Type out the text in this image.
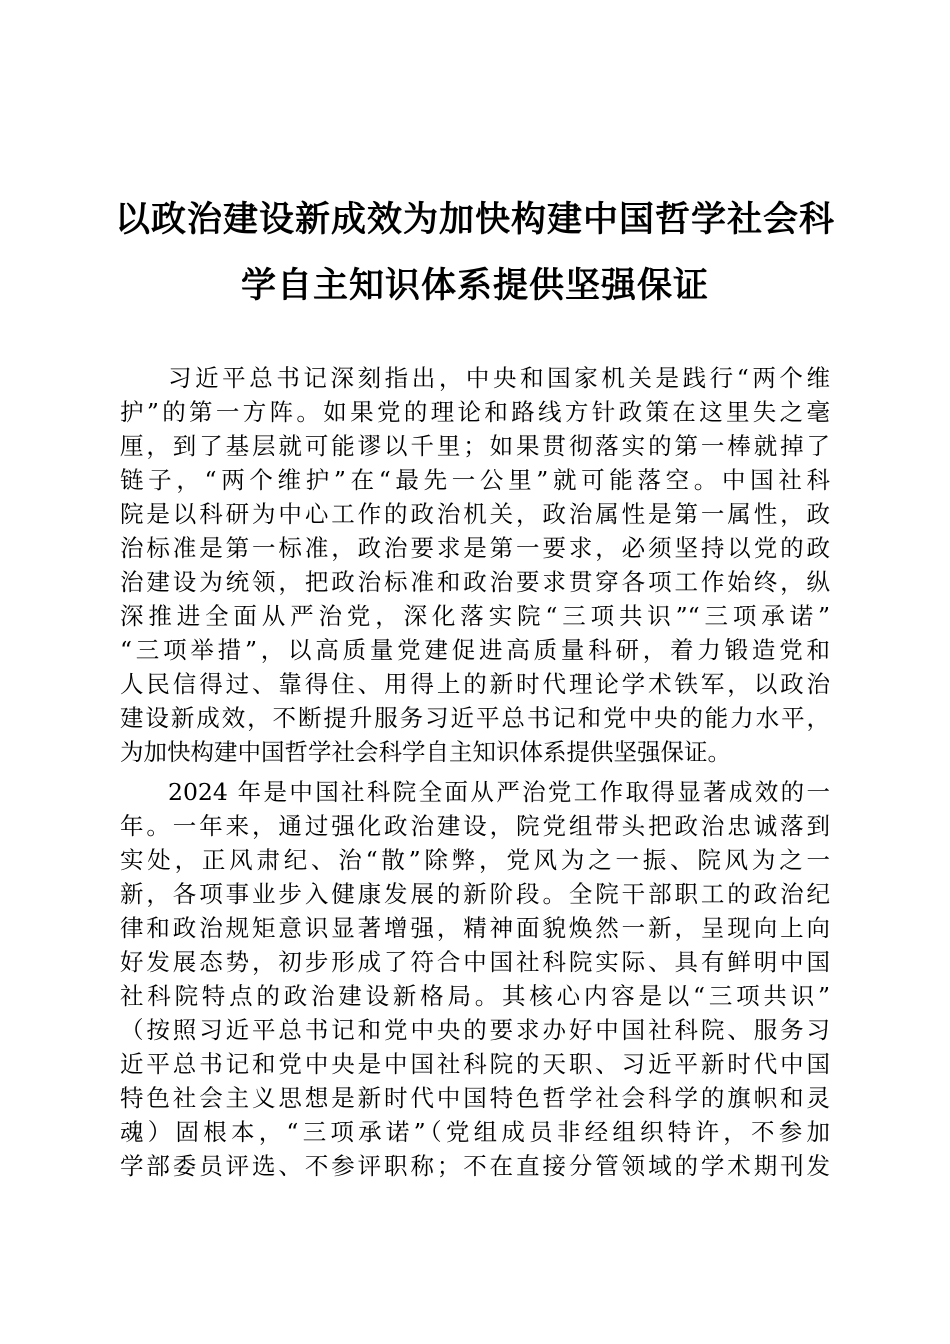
以政治建设新成效为加快构建中国哲学社会科
学自主知识体系提供坚强保证
习近平总书记深刻指出，中央和国家机关是践行“两个维
护”的第一方阵。如果党的理论和路线方针政策在这里失之毫
厘，到了基层就可能谬以千里；如果贯彻落实的第一棒就掉了
链子，“两个维护”在“最先一公里”就可能落空。中国社科
院是以科研为中心工作的政治机关，政治属性是第一属性，政
治标准是第一标准，政治要求是第一要求，必须坚持以党的政
治建设为统领，把政治标准和政治要求贯穿各项工作始终，纵
深推进全面从严治党，深化落实院“三项共识”“三项承诺”
“三项举措”，以高质量党建促进高质量科研，着力锻造党和
人民信得过、靠得住、用得上的新时代理论学术铁军，以政治
建设新成效，不断提升服务习近平总书记和党中央的能力水平，
为加快构建中国哲学社会科学自主知识体系提供坚强保证。
2024 年是中国社科院全面从严治党工作取得显著成效的一
年。一年来，通过强化政治建设，院党组带头把政治忠诚落到
实处，正风肃纪、治“散”除弊，党风为之一振、院风为之一
新，各项事业步入健康发展的新阶段。全院干部职工的政治纪
律和政治规矩意识显著增强，精神面貌焕然一新，呈现向上向
好发展态势，初步形成了符合中国社科院实际、具有鲜明中国
社科院特点的政治建设新格局。其核心内容是以“三项共识”
（按照习近平总书记和党中央的要求办好中国社科院、服务习
近平总书记和党中央是中国社科院的天职、习近平新时代中国
特色社会主义思想是新时代中国特色哲学社会科学的旗帜和灵
魂）固根本，“三项承诺”（党组成员非经组织特许，不参加
学部委员评选、不参评职称；不在直接分管领域的学术期刊发
